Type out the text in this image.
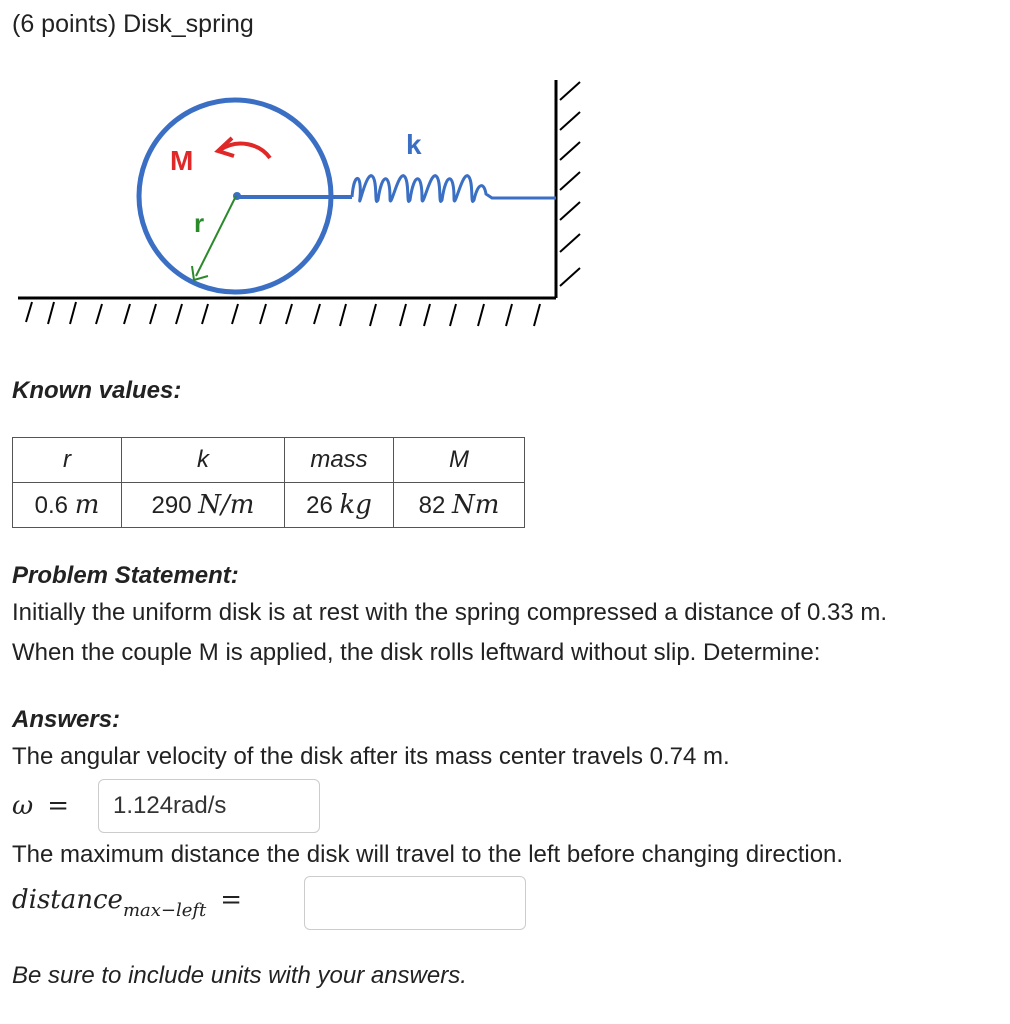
(6 points) Disk_spring
M
k
r
Known values:
r	k	mass	M
0.6 m	290 N/m	26 kg	82 Nm
Problem Statement:
Initially the uniform disk is at rest with the spring compressed a distance of 0.33 m.
When the couple M is applied, the disk rolls leftward without slip. Determine:
Answers:
The angular velocity of the disk after its mass center travels 0.74 m.
ω =	1.124rad/s
The maximum distance the disk will travel to the left before changing direction.
distance$_{max-left}$ =
Be sure to include units with your answers.
